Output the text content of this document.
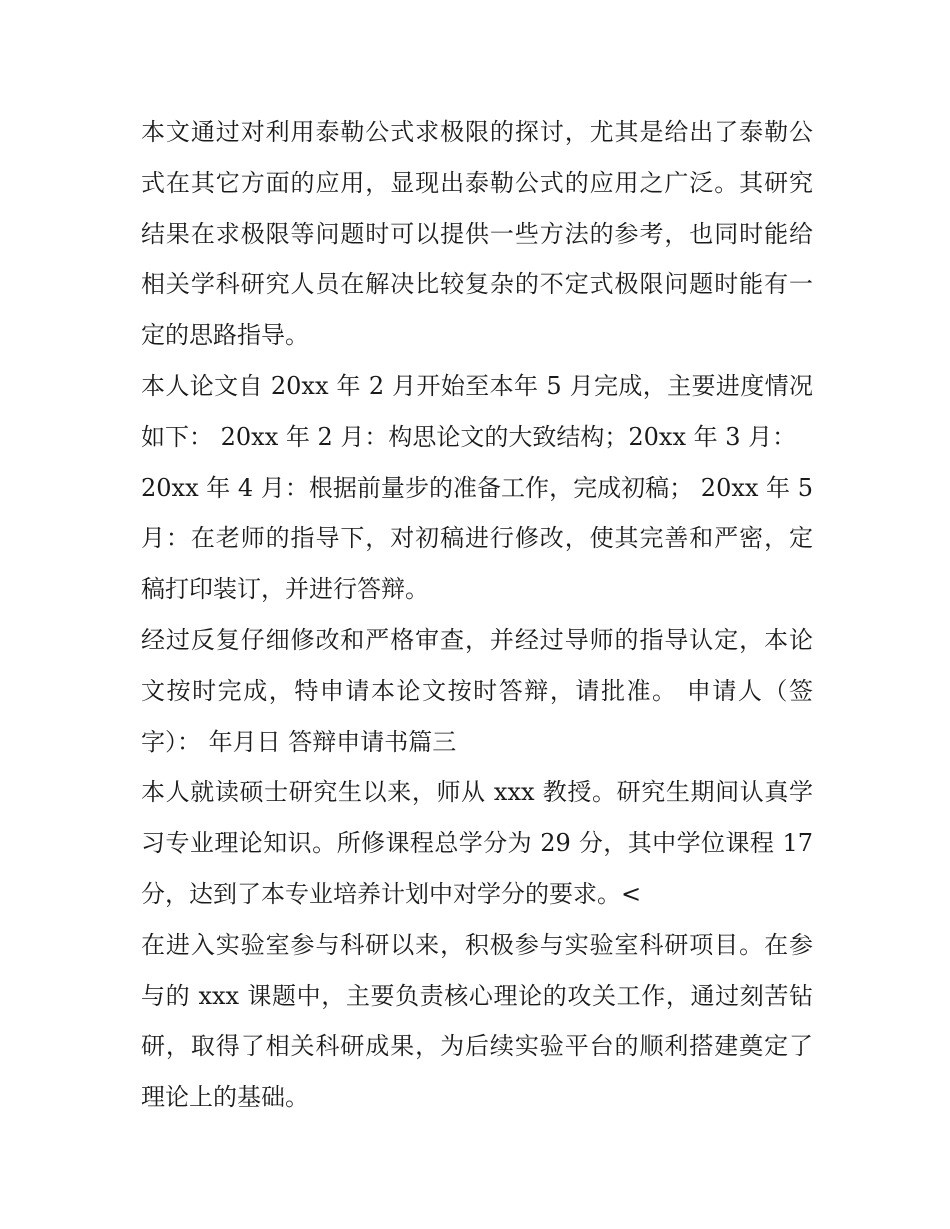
本文通过对利用泰勒公式求极限的探讨，尤其是给出了泰勒公
式在其它方面的应用，显现出泰勒公式的应用之广泛。其研究
结果在求极限等问题时可以提供一些方法的参考，也同时能给
相关学科研究人员在解决比较复杂的不定式极限问题时能有一
定的思路指导。
本人论文自 20xx 年 2 月开始至本年 5 月完成，主要进度情况
如下： 20xx 年 2 月：构思论文的大致结构；20xx 年 3 月：
20xx 年 4 月：根据前量步的准备工作，完成初稿； 20xx 年 5
月：在老师的指导下，对初稿进行修改，使其完善和严密，定
稿打印装订，并进行答辩。
经过反复仔细修改和严格审查，并经过导师的指导认定，本论
文按时完成，特申请本论文按时答辩，请批准。 申请人（签
字）： 年月日 答辩申请书篇三
本人就读硕士研究生以来，师从 xxx 教授。研究生期间认真学
习专业理论知识。所修课程总学分为 29 分，其中学位课程 17
分，达到了本专业培养计划中对学分的要求。<
在进入实验室参与科研以来，积极参与实验室科研项目。在参
与的 xxx 课题中，主要负责核心理论的攻关工作，通过刻苦钻
研，取得了相关科研成果，为后续实验平台的顺利搭建奠定了
理论上的基础。
